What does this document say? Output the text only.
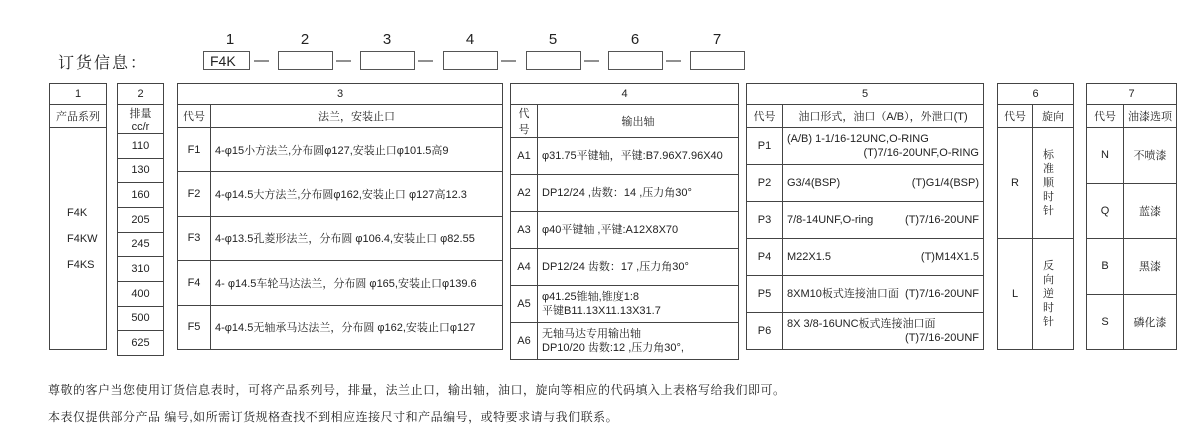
订货信息：
1
F4K	—
2
—
3
—
4
—
5
—
6
—
7
1
产品系列

F4K
F4KW
F4KS
2
排量cc/r
110
130
160
205
245
310
400
500
625
3	
代号	法兰，安装止口
F1	4-φ15小方法兰,分布圆φ127,安装止口φ101.5高9
F2	4-φ14.5大方法兰,分布圆φ162,安装止口 φ127高12.3
F3	4-φ13.5孔菱形法兰，分布圆 φ106.4,安装止口 φ82.55
F4	4- φ14.5车轮马达法兰，分布圆 φ165,安装止口φ139.6
F5	4-φ14.5无轴承马达法兰，分布圆 φ162,安装止口φ127
4	
代号	输出轴
A1	φ31.75平键轴，平键:B7.96X7.96X40

A2	DP12/24 ,齿数：14 ,压力角30°

A3	φ40平键轴 ,平键:A12X8X70

A4	DP12/24 齿数：17 ,压力角30°

A5	φ41.25锥轴,锥度1:8
平键B11.13X11.13X31.7

A6	无轴马达专用输出轴
DP10/20 齿数:12 ,压力角30°,
5	
代号	油口形式，油口（A/B），外泄口(T)
P1	(A/B) 1-1/16-12UNC,O-RING
(T)7/16-20UNF,O-RING

P2	G3/4(BSP) (T)G1/4(BSP)

P3	7/8-14UNF,O-ring (T)7/16-20UNF

P4	M22X1.5 (T)M14X1.5

P5	8XM10板式连接油口面 (T)7/16-20UNF

P6	8X 3/8-16UNC板式连接油口面
(T)7/16-20UNF
6	
代号	旋向
R	标准
顺时针

L	反向
逆时针
7	
代号	油漆选项
N	不喷漆
Q	蓝漆
B	黑漆
S	磷化漆
尊敬的客户当您使用订货信息表时，可将产品系列号，排量，法兰止口，输出轴，油口，旋向等相应的代码填入上表格写给我们即可。
本表仅提供部分产品 编号,如所需订货规格查找不到相应连接尺寸和产品编号，或特要求请与我们联系。
